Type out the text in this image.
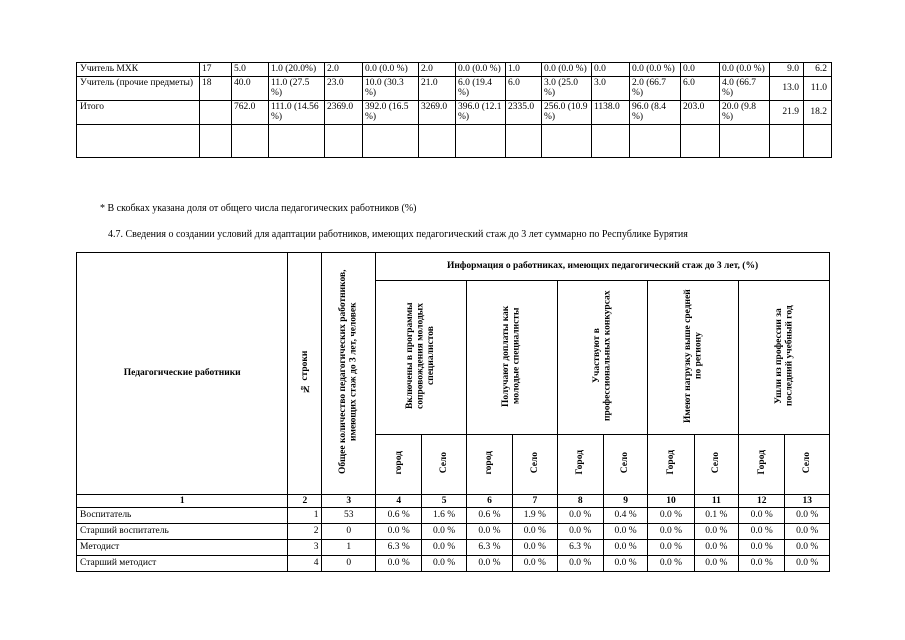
Учитель МХК	17	5.0	1.0 (20.0%)	2.0	0.0 (0.0 %)	2.0	0.0 (0.0 %)	1.0	0.0 (0.0 %)	0.0	0.0 (0.0 %)	0.0	0.0 (0.0 %)	9.0	6.2
Учитель (прочие предметы)	18	40.0	11.0 (27.5 %)	23.0	10.0 (30.3 %)	21.0	6.0 (19.4 %)	6.0	3.0 (25.0 %)	3.0	2.0 (66.7 %)	6.0	4.0 (66.7 %)	13.0	11.0
Итого		762.0	111.0 (14.56 %)	2369.0	392.0 (16.5 %)	3269.0	396.0 (12.1 %)	2335.0	256.0 (10.9 %)	1138.0	96.0 (8.4 %)	203.0	20.0 (9.8 %)	21.9	18.2

* В скобках указана доля от общего числа педагогических работников (%)
4.7. Сведения о создании условий для адаптации работников, имеющих педагогический стаж до 3 лет суммарно по Республике Бурятия
Педагогические работники	№ строки	Общее количество педагогических работников, имеющих стаж до 3 лет, человек	Информация о работниках, имеющих педагогический стаж до 3 лет, (%)									
			Включены в программы сопровождения молодых специалистов		Получают доплаты как молодые специалисты		Участвуют в профессиональных конкурсах		Имеют нагрузку выше средней по региону		Ушли из профессии за последний учебный год	
			город	Село	город	Село	Город	Село	Город	Село	Город	Село
1	2	3	4	5	6	7	8	9	10	11	12	13
Воспитатель	1	53	0.6 %	1.6 %	0.6 %	1.9 %	0.0 %	0.4 %	0.0 %	0.1 %	0.0 %	0.0 %
Старший воспитатель	2	0	0.0 %	0.0 %	0.0 %	0.0 %	0.0 %	0.0 %	0.0 %	0.0 %	0.0 %	0.0 %
Методист	3	1	6.3 %	0.0 %	6.3 %	0.0 %	6.3 %	0.0 %	0.0 %	0.0 %	0.0 %	0.0 %
Старший методист	4	0	0.0 %	0.0 %	0.0 %	0.0 %	0.0 %	0.0 %	0.0 %	0.0 %	0.0 %	0.0 %
